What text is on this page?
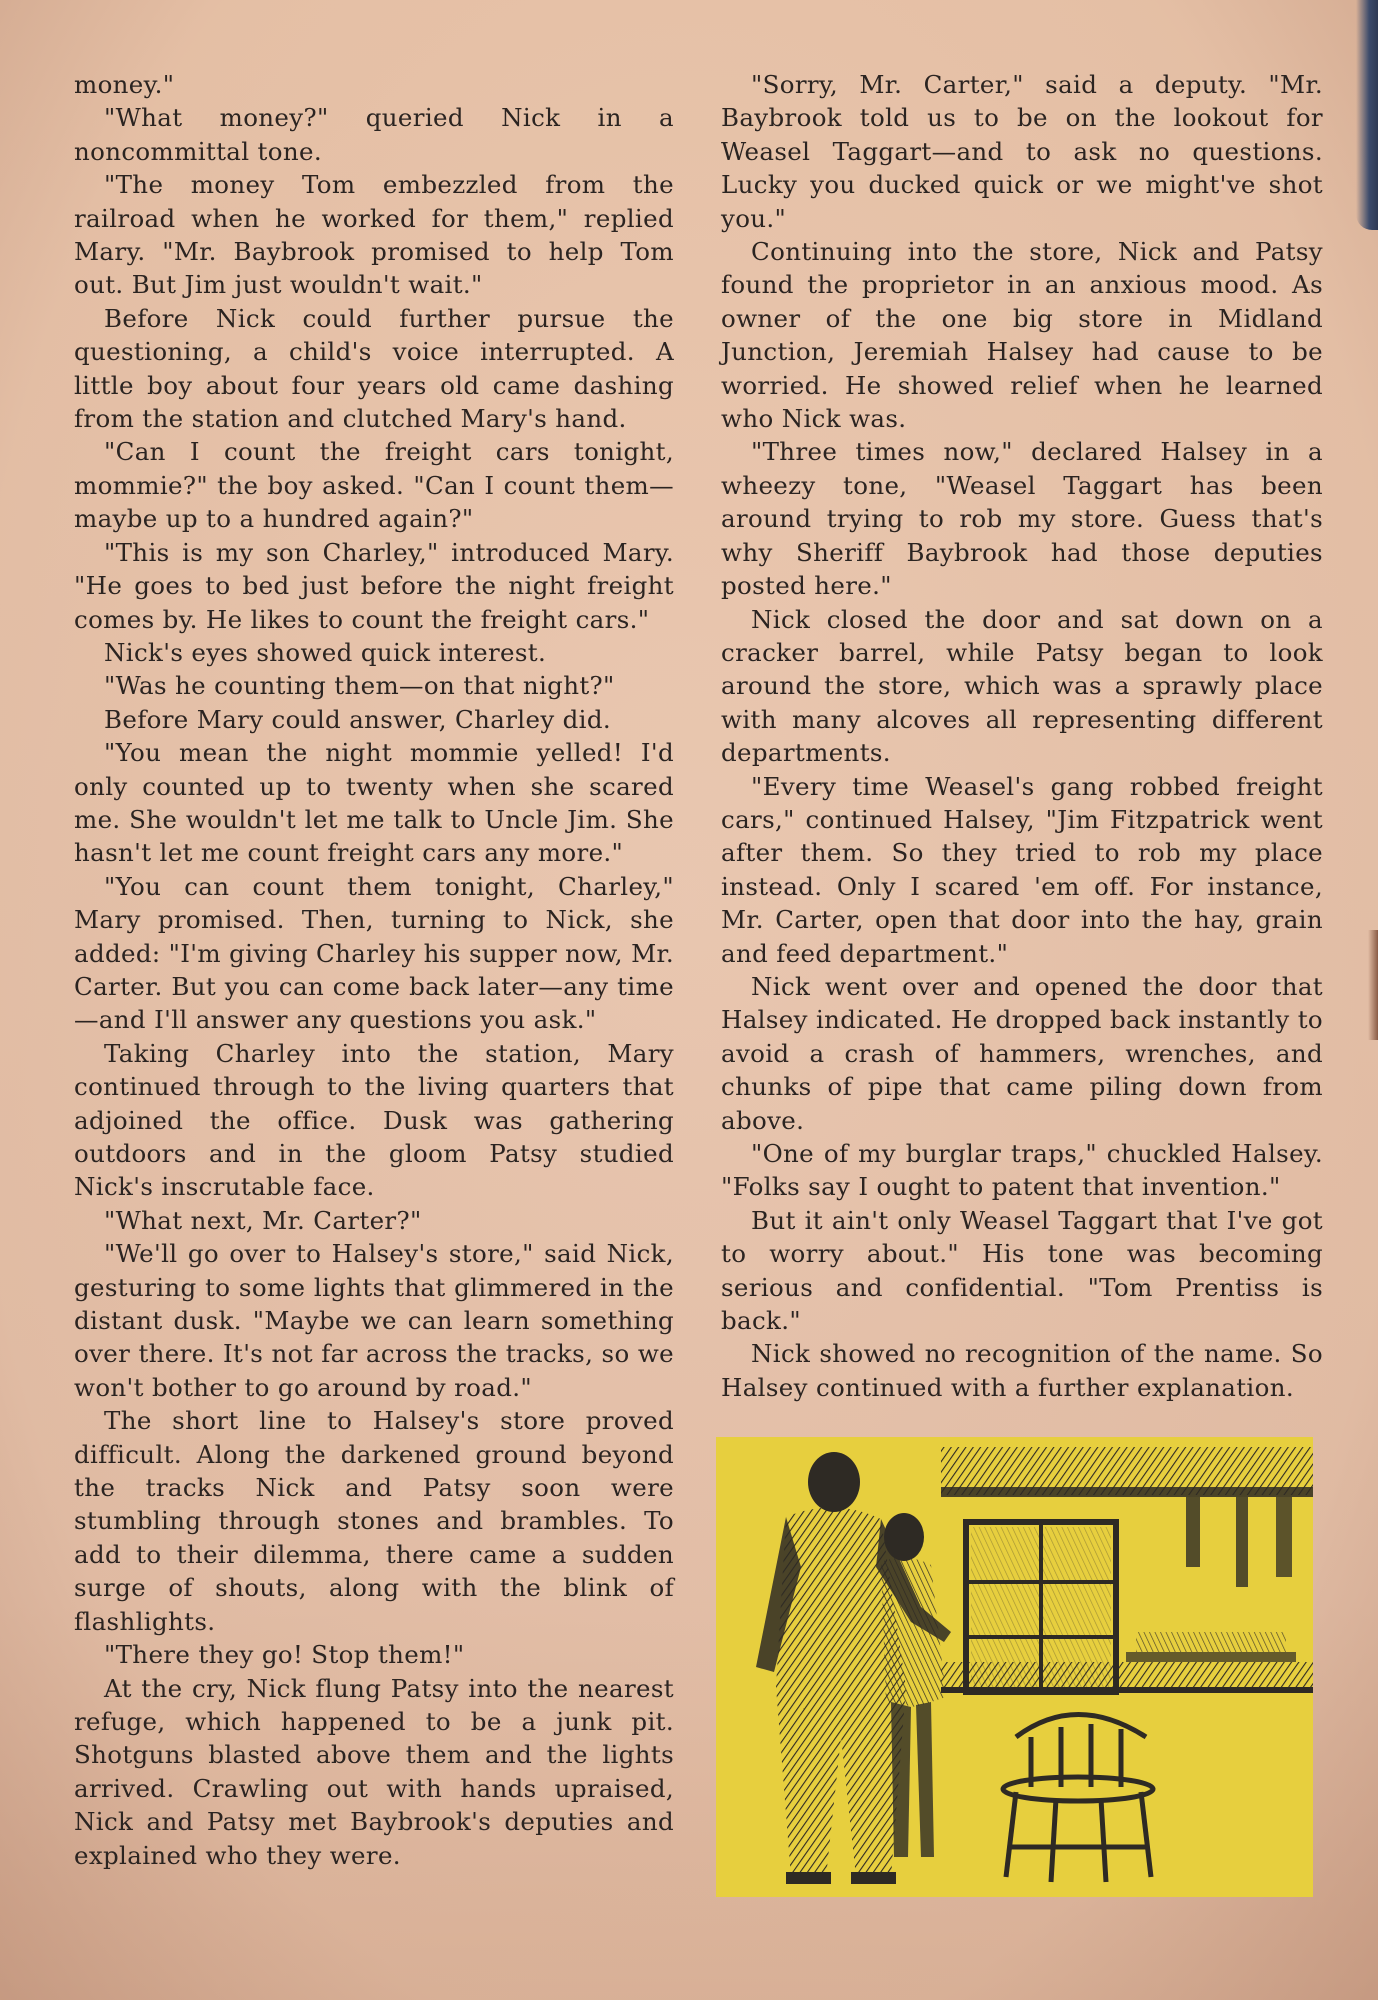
money."

"What money?" queried Nick in a noncommittal tone.

"The money Tom embezzled from the railroad when he worked for them," replied Mary. "Mr. Baybrook promised to help Tom out. But Jim just wouldn't wait."

Before Nick could further pursue the questioning, a child's voice interrupted. A little boy about four years old came dashing from the station and clutched Mary's hand.

"Can I count the freight cars tonight, mommie?" the boy asked. "Can I count them—maybe up to a hundred again?"

"This is my son Charley," introduced Mary. "He goes to bed just before the night freight comes by. He likes to count the freight cars."

Nick's eyes showed quick interest.

"Was he counting them—on that night?"

Before Mary could answer, Charley did.

"You mean the night mommie yelled! I'd only counted up to twenty when she scared me. She wouldn't let me talk to Uncle Jim. She hasn't let me count freight cars any more."

"You can count them tonight, Charley," Mary promised. Then, turning to Nick, she added: "I'm giving Charley his supper now, Mr. Carter. But you can come back later—any time—and I'll answer any questions you ask."

Taking Charley into the station, Mary continued through to the living quarters that adjoined the office. Dusk was gathering outdoors and in the gloom Patsy studied Nick's inscrutable face.

"What next, Mr. Carter?"

"We'll go over to Halsey's store," said Nick, gesturing to some lights that glimmered in the distant dusk. "Maybe we can learn something over there. It's not far across the tracks, so we won't bother to go around by road."

The short line to Halsey's store proved difficult. Along the darkened ground beyond the tracks Nick and Patsy soon were stumbling through stones and brambles. To add to their dilemma, there came a sudden surge of shouts, along with the blink of flashlights.

"There they go! Stop them!"

At the cry, Nick flung Patsy into the nearest refuge, which happened to be a junk pit. Shotguns blasted above them and the lights arrived. Crawling out with hands upraised, Nick and Patsy met Baybrook's deputies and explained who they were.

"Sorry, Mr. Carter," said a deputy. "Mr. Baybrook told us to be on the lookout for Weasel Taggart—and to ask no questions. Lucky you ducked quick or we might've shot you."

Continuing into the store, Nick and Patsy found the proprietor in an anxious mood. As owner of the one big store in Midland Junction, Jeremiah Halsey had cause to be worried. He showed relief when he learned who Nick was.

"Three times now," declared Halsey in a wheezy tone, "Weasel Taggart has been around trying to rob my store. Guess that's why Sheriff Baybrook had those deputies posted here."

Nick closed the door and sat down on a cracker barrel, while Patsy began to look around the store, which was a sprawly place with many alcoves all representing different departments.

"Every time Weasel's gang robbed freight cars," continued Halsey, "Jim Fitzpatrick went after them. So they tried to rob my place instead. Only I scared 'em off. For instance, Mr. Carter, open that door into the hay, grain and feed department."

Nick went over and opened the door that Halsey indicated. He dropped back instantly to avoid a crash of hammers, wrenches, and chunks of pipe that came piling down from above.

"One of my burglar traps," chuckled Halsey. "Folks say I ought to patent that invention."

But it ain't only Weasel Taggart that I've got to worry about." His tone was becoming serious and confidential. "Tom Prentiss is back."

Nick showed no recognition of the name. So Halsey continued with a further explanation.
